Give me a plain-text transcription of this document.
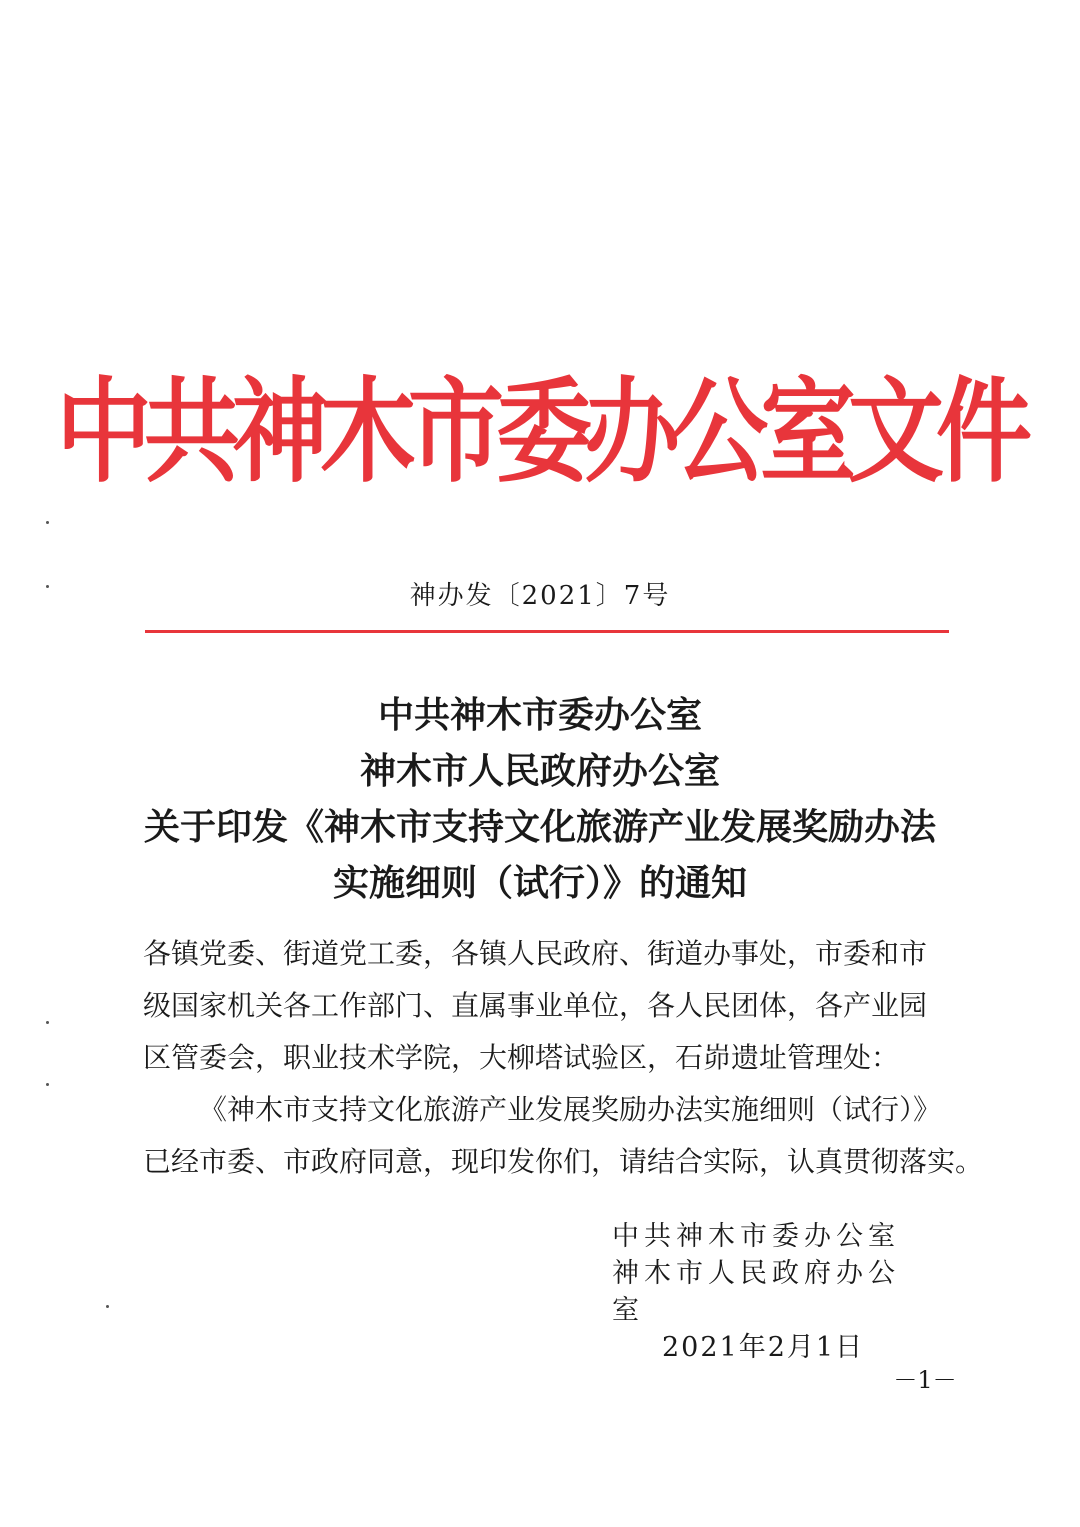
中共神木市委办公室文件
神办发〔2021〕7号
中共神木市委办公室
神木市人民政府办公室
关于印发《神木市支持文化旅游产业发展奖励办法
实施细则（试行）》的通知

各镇党委、街道党工委，各镇人民政府、街道办事处，市委和市

级国家机关各工作部门、直属事业单位，各人民团体，各产业园

区管委会，职业技术学院，大柳塔试验区，石峁遗址管理处：

《神木市支持文化旅游产业发展奖励办法实施细则（试行）》

已经市委、市政府同意，现印发你们，请结合实际，认真贯彻落实。

中共神木市委办公室
神木市人民政府办公室
2021年2月1日
－1－
